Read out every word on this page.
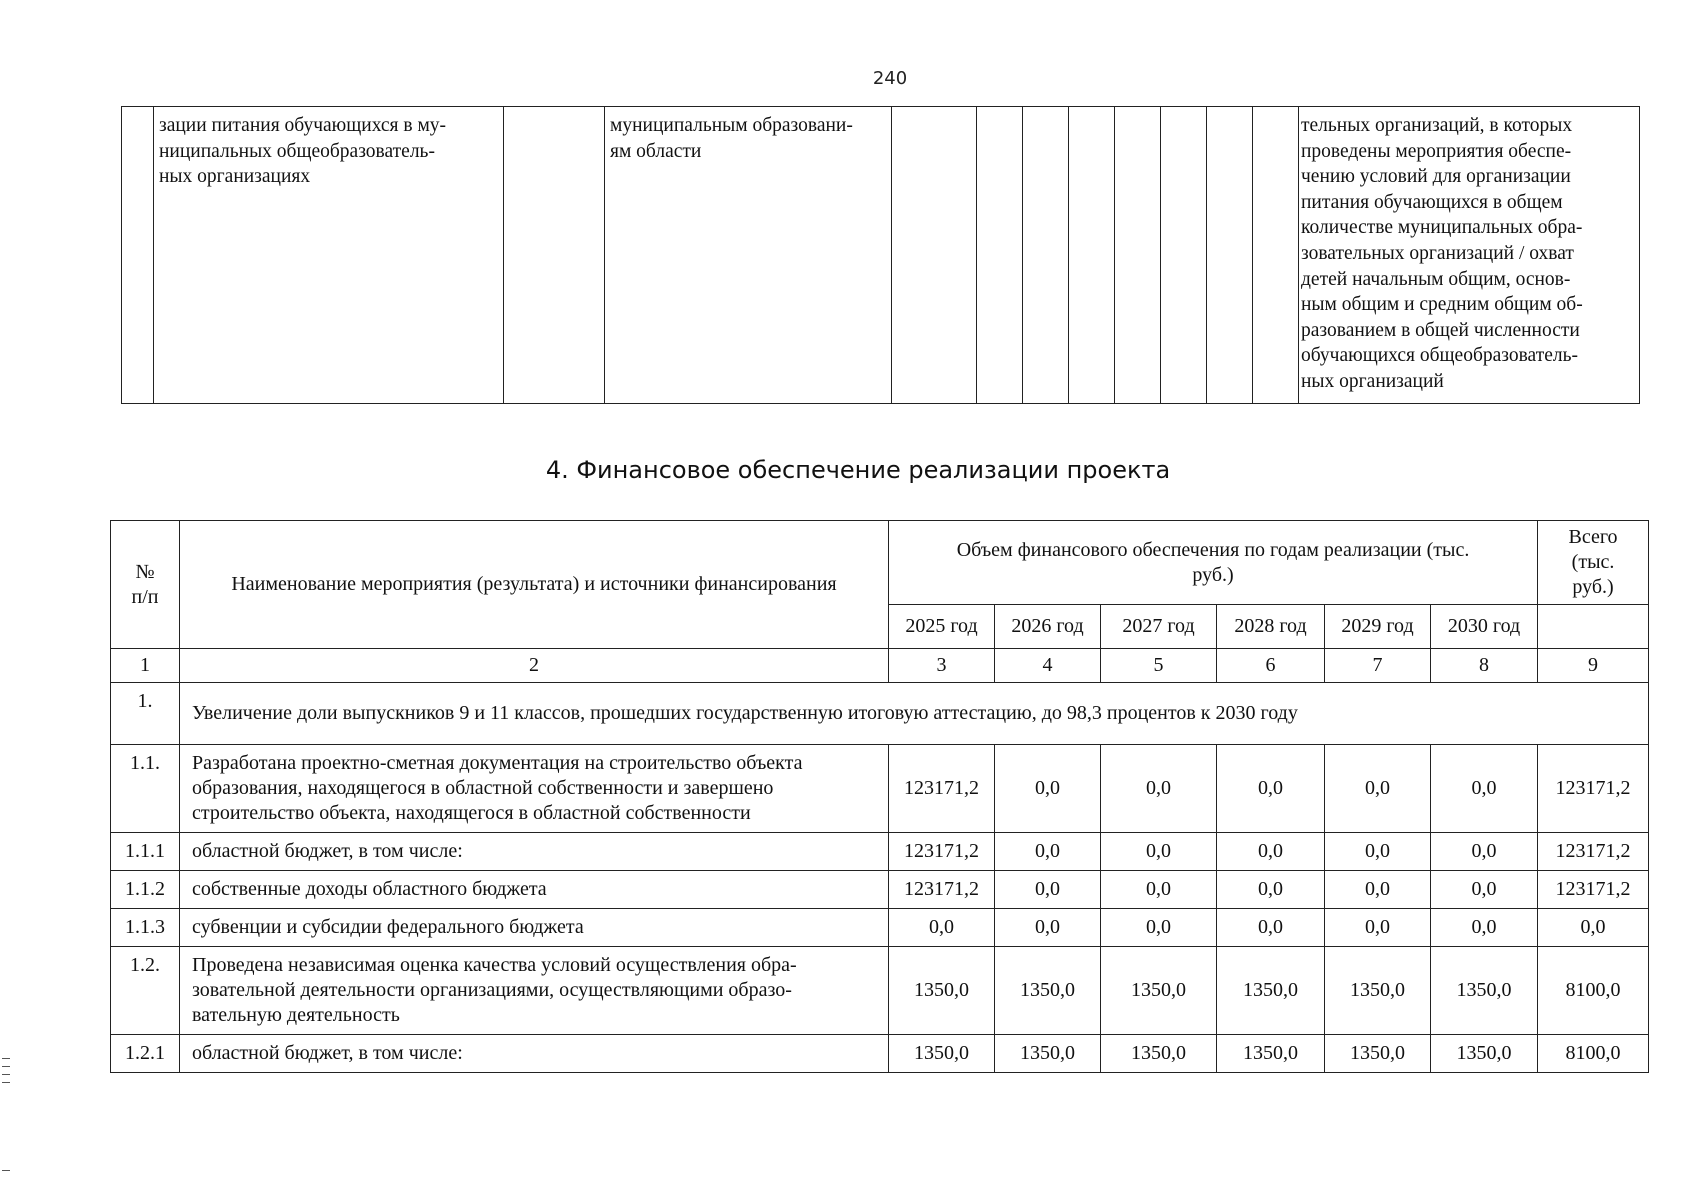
240
	зации питания обучающихся в му-
ниципальных общеобразователь-
ных организациях		муниципальным образовани-
ям области									тельных организаций, в которых
проведены мероприятия обеспе-
чению условий для организации
питания обучающихся в общем
количестве муниципальных обра-
зовательных организаций / охват
детей начальным общим, основ-
ным общим и средним общим об-
разованием в общей численности
обучающихся общеобразователь-
ных организаций
4. Финансовое обеспечение реализации проекта
№
п/п	Наименование мероприятия (результата) и источники финансирования	Объем финансового обеспечения по годам реализации (тыс.
руб.)						Всего
(тыс.
руб.)
		2025 год	2026 год	2027 год	2028 год	2029 год	2030 год	
1	2	3	4	5	6	7	8	9
1.	Увеличение доли выпускников 9 и 11 классов, прошедших государственную итоговую аттестацию, до 98,3 процентов к 2030 году							
1.1.	Разработана проектно-сметная документация на строительство объекта
образования, находящегося в областной собственности и завершено
строительство объекта, находящегося в областной собственности	123171,2	0,0	0,0	0,0	0,0	0,0	123171,2
1.1.1	областной бюджет, в том числе:	123171,2	0,0	0,0	0,0	0,0	0,0	123171,2
1.1.2	собственные доходы областного бюджета	123171,2	0,0	0,0	0,0	0,0	0,0	123171,2
1.1.3	субвенции и субсидии федерального бюджета	0,0	0,0	0,0	0,0	0,0	0,0	0,0
1.2.	Проведена независимая оценка качества условий осуществления обра-
зовательной деятельности организациями, осуществляющими образо-
вательную деятельность	1350,0	1350,0	1350,0	1350,0	1350,0	1350,0	8100,0
1.2.1	областной бюджет, в том числе:	1350,0	1350,0	1350,0	1350,0	1350,0	1350,0	8100,0
